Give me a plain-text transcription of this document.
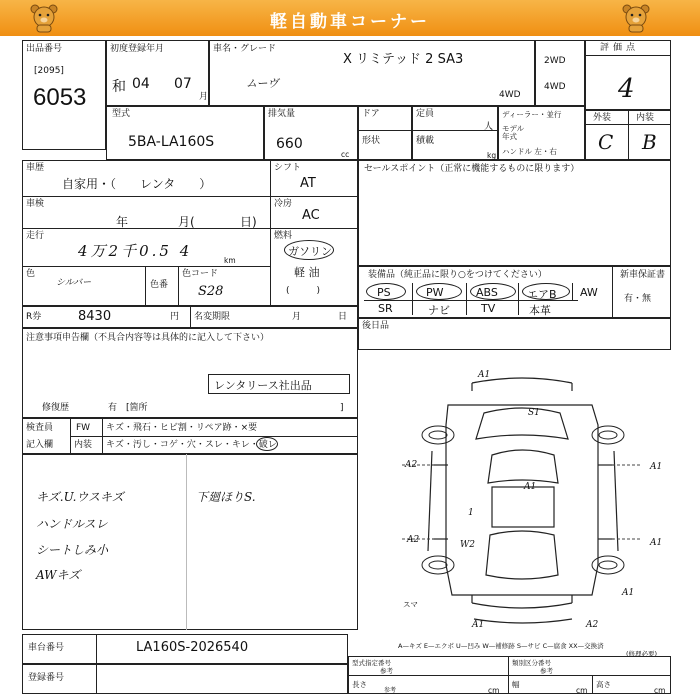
軽自動車コーナー
出品番号
[2095]
6053
初度登録年月
和 04 07
月
車名・グレード
X リミテッド 2 SA3
ムーヴ
4WD
2WD
4WD
評価点
4
外装	内装
C B
型式
5BA-LA160S
排気量
660
cc
ドア
形状
定員
人
積載
kg
ディーラー・並行
モデル
年式
ハンドル 左・右
車歴
自家用・（　　レンタ　　）
シフト
AT
車検
年	月(	日)
冷房
AC
走行
4万2千0.5 4
km
燃料
ガソリン
軽 油
(　　　)
色
シルバー	色番
色コード
S28
R券	8430	円 名変期限	月	日
注意事項申告欄（不具合内容等は具体的に記入して下さい）
レンタリース社出品
修復歴	有　[箇所	]
検査員
記入欄
FW キズ・飛石・ヒビ割・リペア跡・×要
内装 キズ・汚し・コゲ・穴・スレ・キレ・破レ
キズ.U.ウスキズ
ハンドルスレ
シートしみ小
AWキズ
下廻ほりS.
セールスポイント（正常に機能するものに限ります）
装備品（純正品に限り○をつけてください）	新車保証書
有・無
PS	PW	ABS	エアB AW
SR	ナビ	TV	本革
後日品
A1
S1
A2	A1
A1
1
A2	W2	A1
A1
A1	A2
スマ
車台番号	LA160S-2026540
登録番号
A—キズ E—エクボ U—凹み W—補修跡 S—サビ C—腐食 XX—交換済
(修理必要)
型式指定番号
参考
類別区分番号
参考
長さ
参考	cm
幅
cm
高さ
cm
